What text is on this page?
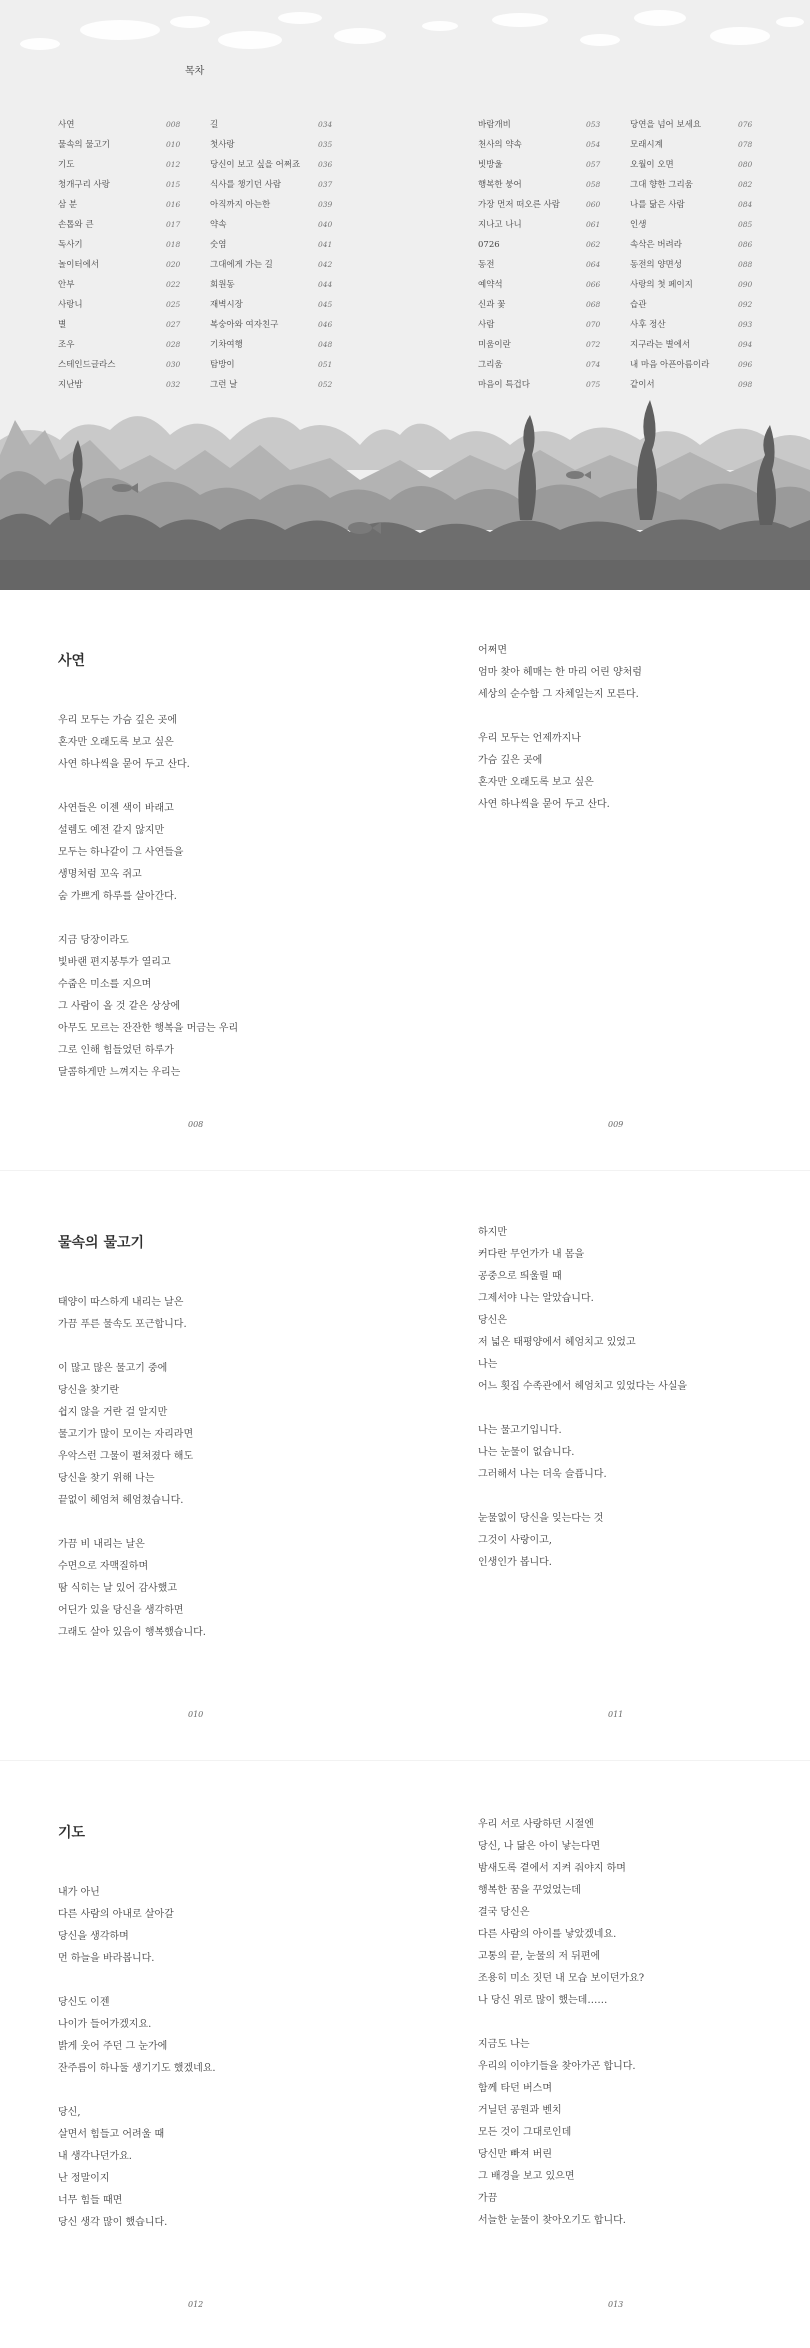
목차
사연	008
물속의 물고기	010
기도	012
청개구리 사랑	015
삼 분	016
손톱와 큰	017
독사기	018
놀이터에서	020
안부	022
사랑니	025
별	027
조우	028
스테인드글라스	030
지난밤	032
길	034
첫사랑	035
당신이 보고 싶을 어쩌죠 036
식사를 챙기던 사람	037
아직까지 아는한	039
약속	040
숫염	041
그대에게 가는 길	042
회원동	044
재벽시장	045
복숭아와 여자친구	046
기차여행	048
탐방이	051
그런 날	052
바람개비	053
천사의 약속	054
빗방울	057
행복한 붕어	058
가장 먼저 떠오른 사람	060
지나고 나니	061
0726	062
동전	064
예약석	066
신과 꽃	068
사람	070
미움이란	072
그리움	074
마음이 특겁다	075
당연을 넘어 보세요	076
모래시계	078
오월이 오면	080
그대 향한 그리움	082
나를 닮은 사람	084
인생	085
속삭은 버려라	086
동전의 양면성	088
사랑의 첫 페이지	090
습관	092
사후 정산	093
지구라는 별에서	094
내 마음 아픈아름이라	096
같이서	098
사연
우리 모두는 가슴 깊은 곳에
혼자만 오래도록 보고 싶은
사연 하나씩을 묻어 두고 산다.
사연들은 이젠 색이 바래고
설렘도 예전 같지 않지만
모두는 하나같이 그 사연들을
생명처럼 꼬옥 쥐고
숨 가쁘게 하루를 살아간다.
지금 당장이라도
빛바랜 편지봉투가 열리고
수줍은 미소를 지으며
그 사람이 올 것 같은 상상에
아무도 모르는 잔잔한 행복을 머금는 우리
그로 인해 힘들었던 하루가
달콤하게만 느껴지는 우리는
어쩌면
엄마 찾아 헤매는 한 마리 어린 양처럼
세상의 순수함 그 자체일는지 모른다.
우리 모두는 언제까지나
가슴 깊은 곳에
혼자만 오래도록 보고 싶은
사연 하나씩을 묻어 두고 산다.
008	009
물속의 물고기
태양이 따스하게 내리는 날은
가끔 푸른 물속도 포근합니다.
이 많고 많은 물고기 중에
당신을 찾기란
쉽지 않을 거란 걸 알지만
물고기가 많이 모이는 자리라면
우악스런 그물이 펼쳐졌다 해도
당신을 찾기 위해 나는
끝없이 헤엄쳐 헤엄쳤습니다.
가끔 비 내리는 날은
수면으로 자맥질하며
땀 식히는 날 있어 감사했고
어딘가 있을 당신을 생각하면
그래도 살아 있음이 행복했습니다.
하지만
커다란 무언가가 내 몸을
공중으로 띄울릴 때
그제서야 나는 알았습니다.
당신은
저 넓은 태평양에서 헤엄치고 있었고
나는
어느 횟집 수족관에서 헤엄치고 있었다는 사실을
나는 물고기입니다.
나는 눈물이 없습니다.
그러해서 나는 더욱 슬픕니다.
눈물없이 당신을 잊는다는 것
그것이 사랑이고,
인생인가 봅니다.
010	011
기도
내가 아닌
다른 사람의 아내로 살아갈
당신을 생각하며
먼 하늘을 바라봅니다.
당신도 이젠
나이가 들어가겠지요.
밝게 웃어 주던 그 눈가에
잔주름이 하나둘 생기기도 했겠네요.
당신,
살면서 힘들고 어려울 때
내 생각나던가요.
난 정말이지
너무 힘들 때면
당신 생각 많이 했습니다.
우리 서로 사랑하던 시절엔
당신, 나 닮은 아이 낳는다면
밤새도록 곁에서 지켜 줘야지 하며
행복한 꿈을 꾸었었는데
결국 당신은
다른 사람의 아이를 낳았겠네요.
고통의 끝, 눈물의 저 뒤편에
조용히 미소 짓던 내 모습 보이던가요?
나 당신 위로 많이 했는데……
지금도 나는
우리의 이야기들을 찾아가곤 합니다.
함께 타던 버스며
거닐던 공원과 벤치
모든 것이 그대로인데
당신만 빠져 버린
그 배경을 보고 있으면
가끔
서늘한 눈물이 찾아오기도 합니다.
012	013
